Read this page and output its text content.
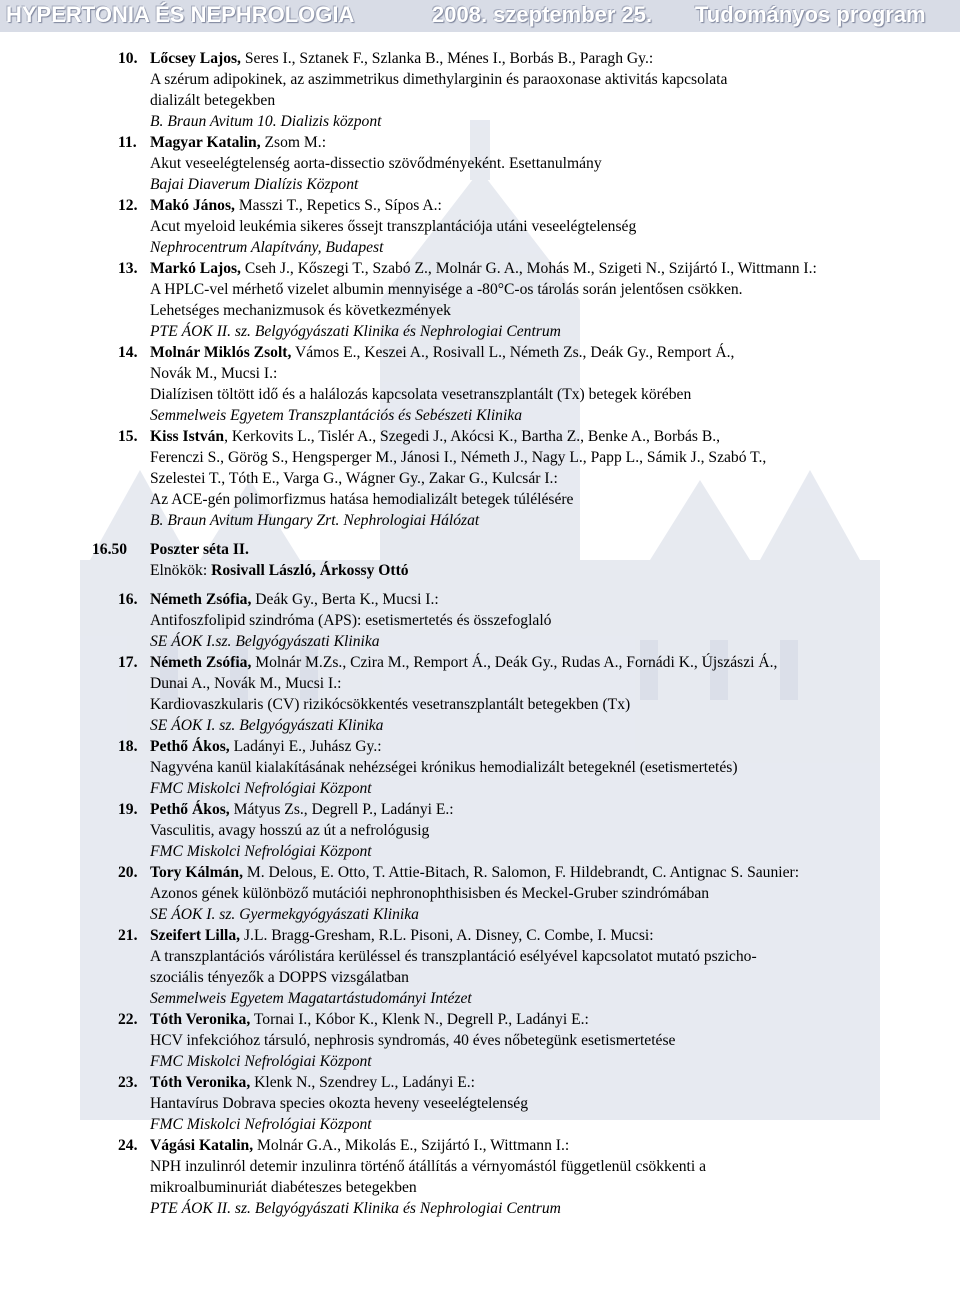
HYPERTONIA ÉS NEPHROLOGIA	2008. szeptember 25. Tudományos program
10. Lőcsey Lajos, Seres I., Sztanek F., Szlanka B., Ménes I., Borbás B., Paragh Gy.:
A szérum adipokinek, az aszimmetrikus dimethylarginin és paraoxonase aktivitás kapcsolata
dializált betegekben
B. Braun Avitum 10. Dializis központ
11. Magyar Katalin, Zsom M.:
Akut veseelégtelenség aorta-dissectio szövődményeként. Esettanulmány
Bajai Diaverum Dialízis Központ
12. Makó János, Masszi T., Repetics S., Sípos A.:
Acut myeloid leukémia sikeres őssejt transzplantációja utáni veseelégtelenség
Nephrocentrum Alapítvány, Budapest
13. Markó Lajos, Cseh J., Kőszegi T., Szabó Z., Molnár G. A., Mohás M., Szigeti N., Szijártó I., Wittmann I.:
A HPLC-vel mérhető vizelet albumin mennyisége a -80°C-os tárolás során jelentősen csökken.
Lehetséges mechanizmusok és következmények
PTE ÁOK II. sz. Belgyógyászati Klinika és Nephrologiai Centrum
14. Molnár Miklós Zsolt, Vámos E., Keszei A., Rosivall L., Németh Zs., Deák Gy., Remport Á.,
Novák M., Mucsi I.:
Dialízisen töltött idő és a halálozás kapcsolata vesetranszplantált (Tx) betegek körében
Semmelweis Egyetem Transzplantációs és Sebészeti Klinika
15. Kiss István, Kerkovits L., Tislér A., Szegedi J., Akócsi K., Bartha Z., Benke A., Borbás B.,
Ferenczi S., Görög S., Hengsperger M., Jánosi I., Németh J., Nagy L., Papp L., Sámik J., Szabó T.,
Szelestei T., Tóth E., Varga G., Wágner Gy., Zakar G., Kulcsár I.:
Az ACE-gén polimorfizmus hatása hemodializált betegek túlélésére
B. Braun Avitum Hungary Zrt. Nephrologiai Hálózat
16.50 Poszter séta II.
Elnökök: Rosivall László, Árkossy Ottó
16. Németh Zsófia, Deák Gy., Berta K., Mucsi I.:
Antifoszfolipid szindróma (APS): esetismertetés és összefoglaló
SE ÁOK I.sz. Belgyógyászati Klinika
17. Németh Zsófia, Molnár M.Zs., Czira M., Remport Á., Deák Gy., Rudas A., Fornádi K., Újszászi Á.,
Dunai A., Novák M., Mucsi I.:
Kardiovaszkularis (CV) rizikócsökkentés vesetranszplantált betegekben (Tx)
SE ÁOK I. sz. Belgyógyászati Klinika
18. Pethő Ákos, Ladányi E., Juhász Gy.:
Nagyvéna kanül kialakításának nehézségei krónikus hemodializált betegeknél (esetismertetés)
FMC Miskolci Nefrológiai Központ
19. Pethő Ákos, Mátyus Zs., Degrell P., Ladányi E.:
Vasculitis, avagy hosszú az út a nefrológusig
FMC Miskolci Nefrológiai Központ
20. Tory Kálmán, M. Delous, E. Otto, T. Attie-Bitach, R. Salomon, F. Hildebrandt, C. Antignac S. Saunier:
Azonos gének különböző mutációi nephronophthisisben és Meckel-Gruber szindrómában
SE ÁOK I. sz. Gyermekgyógyászati Klinika
21. Szeifert Lilla, J.L. Bragg-Gresham, R.L. Pisoni, A. Disney, C. Combe, I. Mucsi:
A transzplantációs várólistára kerüléssel és transzplantáció esélyével kapcsolatot mutató pszicho-
szociális tényezők a DOPPS vizsgálatban
Semmelweis Egyetem Magatartástudományi Intézet
22. Tóth Veronika, Tornai I., Kóbor K., Klenk N., Degrell P., Ladányi E.:
HCV infekcióhoz társuló, nephrosis syndromás, 40 éves nőbetegünk esetismertetése
FMC Miskolci Nefrológiai Központ
23. Tóth Veronika, Klenk N., Szendrey L., Ladányi E.:
Hantavírus Dobrava species okozta heveny veseelégtelenség
FMC Miskolci Nefrológiai Központ
24. Vágási Katalin, Molnár G.A., Mikolás E., Szijártó I., Wittmann I.:
NPH inzulinról detemir inzulinra történő átállítás a vérnyomástól függetlenül csökkenti a
mikroalbuminuriát diabéteszes betegekben
PTE ÁOK II. sz. Belgyógyászati Klinika és Nephrologiai Centrum
